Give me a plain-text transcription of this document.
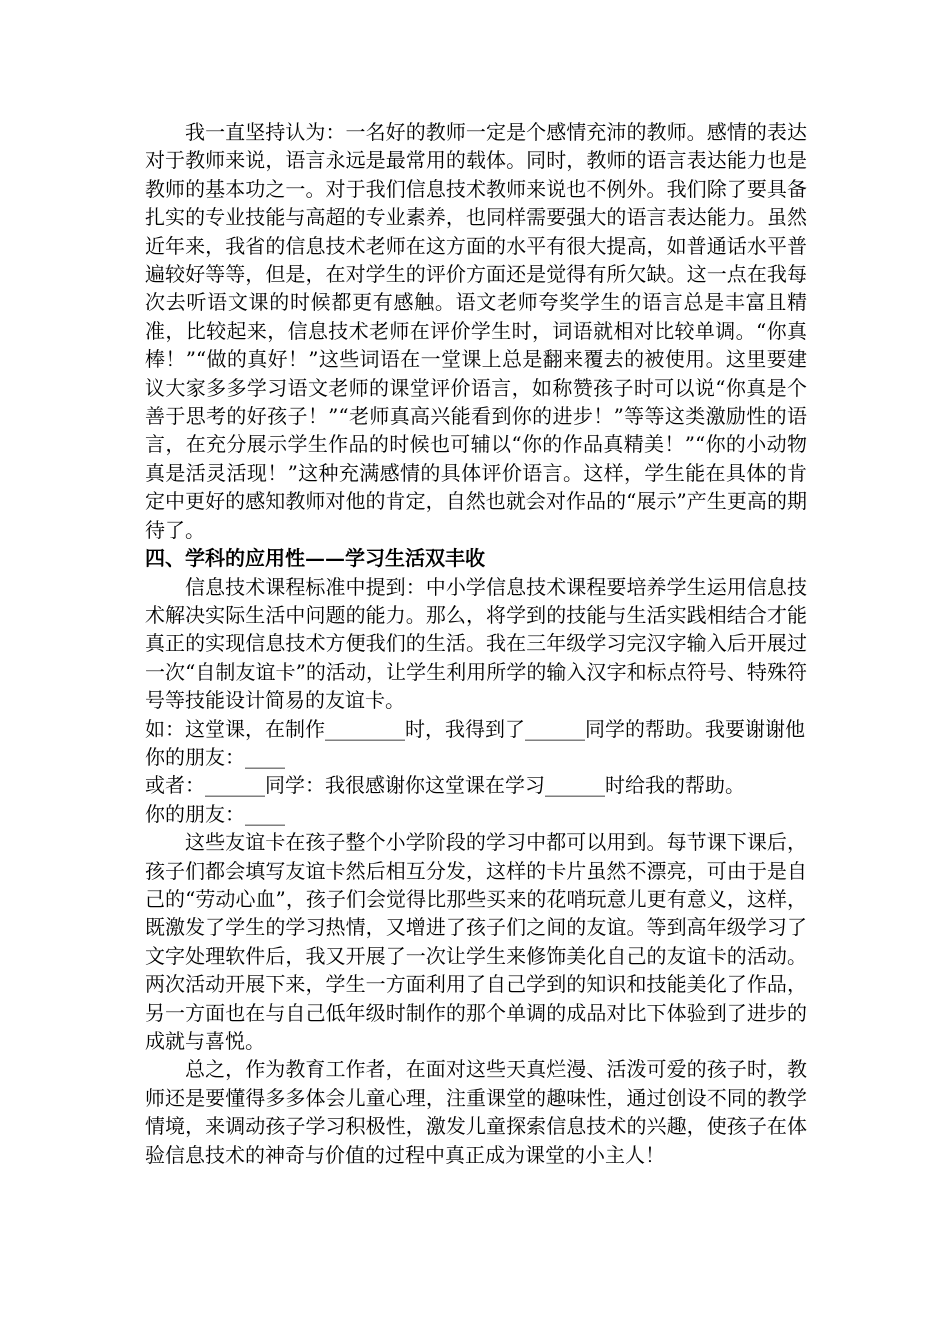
我一直坚持认为：一名好的教师一定是个感情充沛的教师。感情的表达对于教师来说，语言永远是最常用的载体。同时，教师的语言表达能力也是教师的基本功之一。对于我们信息技术教师来说也不例外。我们除了要具备扎实的专业技能与高超的专业素养，也同样需要强大的语言表达能力。虽然近年来，我省的信息技术老师在这方面的水平有很大提高，如普通话水平普遍较好等等，但是，在对学生的评价方面还是觉得有所欠缺。这一点在我每次去听语文课的时候都更有感触。语文老师夸奖学生的语言总是丰富且精准，比较起来，信息技术老师在评价学生时，词语就相对比较单调。“你真棒！”“做的真好！”这些词语在一堂课上总是翻来覆去的被使用。这里要建议大家多多学习语文老师的课堂评价语言，如称赞孩子时可以说“你真是个善于思考的好孩子！”“老师真高兴能看到你的进步！”等等这类激励性的语言，在充分展示学生作品的时候也可辅以“你的作品真精美！”“你的小动物真是活灵活现！”这种充满感情的具体评价语言。这样，学生能在具体的肯定中更好的感知教师对他的肯定，自然也就会对作品的“展示”产生更高的期待了。

四、学科的应用性——学习生活双丰收

信息技术课程标准中提到：中小学信息技术课程要培养学生运用信息技术解决实际生活中问题的能力。那么，将学到的技能与生活实践相结合才能真正的实现信息技术方便我们的生活。我在三年级学习完汉字输入后开展过一次“自制友谊卡”的活动，让学生利用所学的输入汉字和标点符号、特殊符号等技能设计简易的友谊卡。

如：这堂课，在制作________时，我得到了______同学的帮助。我要谢谢他

你的朋友：____

或者：______同学：我很感谢你这堂课在学习______时给我的帮助。

你的朋友：____

这些友谊卡在孩子整个小学阶段的学习中都可以用到。每节课下课后，孩子们都会填写友谊卡然后相互分发，这样的卡片虽然不漂亮，可由于是自己的“劳动心血”，孩子们会觉得比那些买来的花哨玩意儿更有意义，这样，既激发了学生的学习热情，又增进了孩子们之间的友谊。等到高年级学习了文字处理软件后，我又开展了一次让学生来修饰美化自己的友谊卡的活动。两次活动开展下来，学生一方面利用了自己学到的知识和技能美化了作品，另一方面也在与自己低年级时制作的那个单调的成品对比下体验到了进步的成就与喜悦。

总之，作为教育工作者，在面对这些天真烂漫、活泼可爱的孩子时，教师还是要懂得多多体会儿童心理，注重课堂的趣味性，通过创设不同的教学情境，来调动孩子学习积极性，激发儿童探索信息技术的兴趣，使孩子在体验信息技术的神奇与价值的过程中真正成为课堂的小主人！
